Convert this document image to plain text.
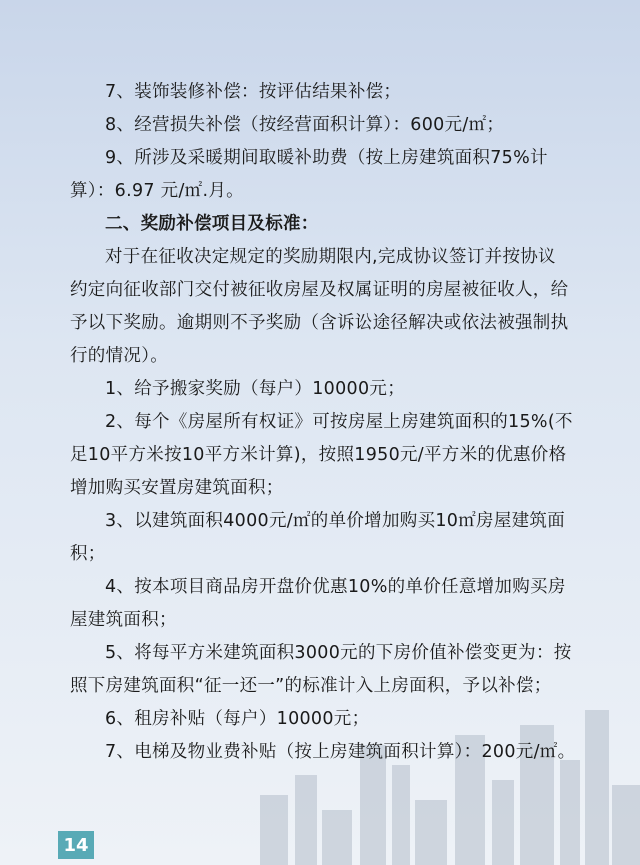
7、装饰装修补偿：按评估结果补偿；

8、经营损失补偿（按经营面积计算）：600元/㎡；

9、所涉及采暖期间取暖补助费（按上房建筑面积75%计

算）：6.97 元/㎡.月。

二、奖励补偿项目及标准：

对于在征收决定规定的奖励期限内,完成协议签订并按协议

约定向征收部门交付被征收房屋及权属证明的房屋被征收人，给

予以下奖励。逾期则不予奖励（含诉讼途径解决或依法被强制执

行的情况）。

1、给予搬家奖励（每户）10000元；

2、每个《房屋所有权证》可按房屋上房建筑面积的15%(不

足10平方米按10平方米计算)，按照1950元/平方米的优惠价格

增加购买安置房建筑面积；

3、以建筑面积4000元/㎡的单价增加购买10㎡房屋建筑面积；

4、按本项目商品房开盘价优惠10%的单价任意增加购买房

屋建筑面积；

5、将每平方米建筑面积3000元的下房价值补偿变更为：按

照下房建筑面积“征一还一”的标准计入上房面积，予以补偿；

6、租房补贴（每户）10000元；

7、电梯及物业费补贴（按上房建筑面积计算）：200元/㎡。

14
